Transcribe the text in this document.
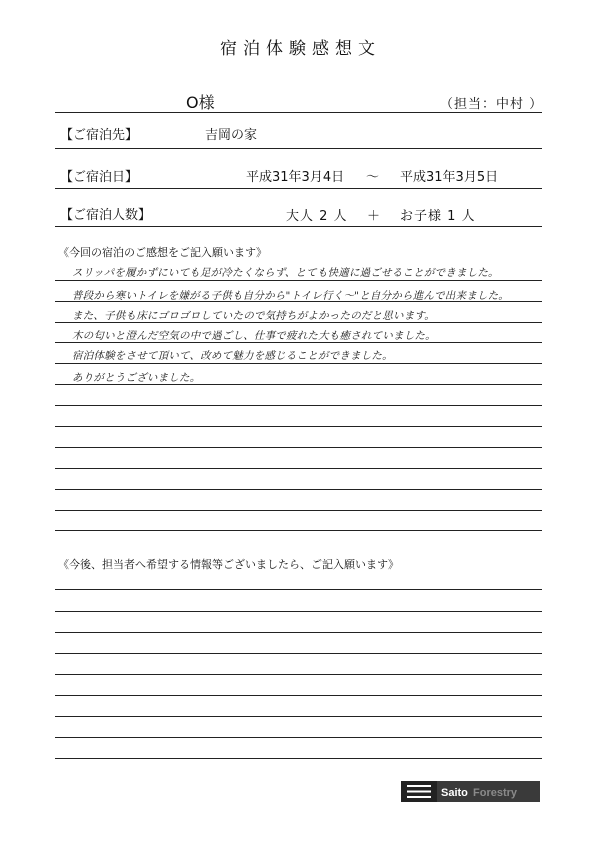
宿泊体験感想文
O様	（担当：中村 ）
【ご宿泊先】	吉岡の家
【ご宿泊日】	平成31年3月4日 ～ 平成31年3月5日
【ご宿泊人数】	大人 2 人 ＋ お子様 1 人
《今回の宿泊のご感想をご記入願います》
スリッパを履かずにいても足が冷たくならず、とても快適に過ごせることができました。
普段から寒いトイレを嫌がる子供も自分から"トイレ行く～"と自分から進んで出来ました。
また、子供も床にゴロゴロしていたので気持ちがよかったのだと思います。
木の匂いと澄んだ空気の中で過ごし、仕事で疲れた大も癒されていました。
宿泊体験をさせて頂いて、改めて魅力を感じることができました。
ありがとうございました。
《今後、担当者へ希望する情報等ございましたら、ご記入願います》
Saito Forestry
